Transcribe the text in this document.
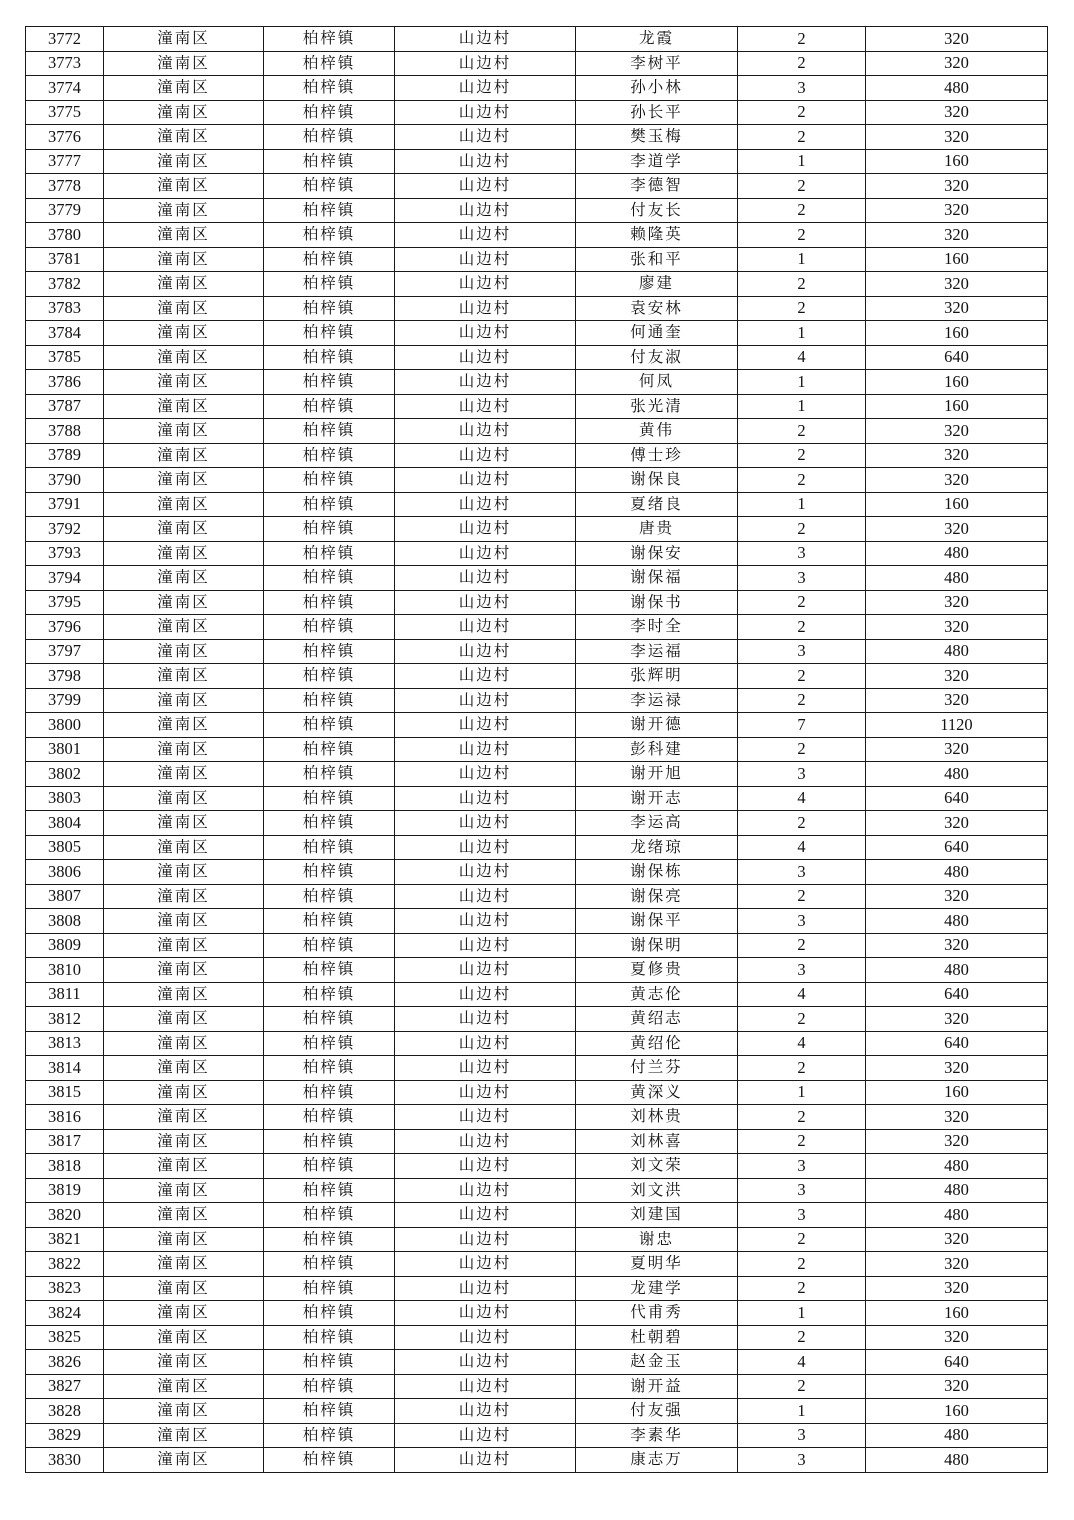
3772	潼南区	柏梓镇	山边村	龙霞	2	320
3773	潼南区	柏梓镇	山边村	李树平	2	320
3774	潼南区	柏梓镇	山边村	孙小林	3	480
3775	潼南区	柏梓镇	山边村	孙长平	2	320
3776	潼南区	柏梓镇	山边村	樊玉梅	2	320
3777	潼南区	柏梓镇	山边村	李道学	1	160
3778	潼南区	柏梓镇	山边村	李德智	2	320
3779	潼南区	柏梓镇	山边村	付友长	2	320
3780	潼南区	柏梓镇	山边村	赖隆英	2	320
3781	潼南区	柏梓镇	山边村	张和平	1	160
3782	潼南区	柏梓镇	山边村	廖建	2	320
3783	潼南区	柏梓镇	山边村	袁安林	2	320
3784	潼南区	柏梓镇	山边村	何通奎	1	160
3785	潼南区	柏梓镇	山边村	付友淑	4	640
3786	潼南区	柏梓镇	山边村	何凤	1	160
3787	潼南区	柏梓镇	山边村	张光清	1	160
3788	潼南区	柏梓镇	山边村	黄伟	2	320
3789	潼南区	柏梓镇	山边村	傅士珍	2	320
3790	潼南区	柏梓镇	山边村	谢保良	2	320
3791	潼南区	柏梓镇	山边村	夏绪良	1	160
3792	潼南区	柏梓镇	山边村	唐贵	2	320
3793	潼南区	柏梓镇	山边村	谢保安	3	480
3794	潼南区	柏梓镇	山边村	谢保福	3	480
3795	潼南区	柏梓镇	山边村	谢保书	2	320
3796	潼南区	柏梓镇	山边村	李时全	2	320
3797	潼南区	柏梓镇	山边村	李运福	3	480
3798	潼南区	柏梓镇	山边村	张辉明	2	320
3799	潼南区	柏梓镇	山边村	李运禄	2	320
3800	潼南区	柏梓镇	山边村	谢开德	7	1120
3801	潼南区	柏梓镇	山边村	彭科建	2	320
3802	潼南区	柏梓镇	山边村	谢开旭	3	480
3803	潼南区	柏梓镇	山边村	谢开志	4	640
3804	潼南区	柏梓镇	山边村	李运高	2	320
3805	潼南区	柏梓镇	山边村	龙绪琼	4	640
3806	潼南区	柏梓镇	山边村	谢保栋	3	480
3807	潼南区	柏梓镇	山边村	谢保亮	2	320
3808	潼南区	柏梓镇	山边村	谢保平	3	480
3809	潼南区	柏梓镇	山边村	谢保明	2	320
3810	潼南区	柏梓镇	山边村	夏修贵	3	480
3811	潼南区	柏梓镇	山边村	黄志伦	4	640
3812	潼南区	柏梓镇	山边村	黄绍志	2	320
3813	潼南区	柏梓镇	山边村	黄绍伦	4	640
3814	潼南区	柏梓镇	山边村	付兰芬	2	320
3815	潼南区	柏梓镇	山边村	黄深义	1	160
3816	潼南区	柏梓镇	山边村	刘林贵	2	320
3817	潼南区	柏梓镇	山边村	刘林喜	2	320
3818	潼南区	柏梓镇	山边村	刘文荣	3	480
3819	潼南区	柏梓镇	山边村	刘文洪	3	480
3820	潼南区	柏梓镇	山边村	刘建国	3	480
3821	潼南区	柏梓镇	山边村	谢忠	2	320
3822	潼南区	柏梓镇	山边村	夏明华	2	320
3823	潼南区	柏梓镇	山边村	龙建学	2	320
3824	潼南区	柏梓镇	山边村	代甫秀	1	160
3825	潼南区	柏梓镇	山边村	杜朝碧	2	320
3826	潼南区	柏梓镇	山边村	赵金玉	4	640
3827	潼南区	柏梓镇	山边村	谢开益	2	320
3828	潼南区	柏梓镇	山边村	付友强	1	160
3829	潼南区	柏梓镇	山边村	李素华	3	480
3830	潼南区	柏梓镇	山边村	康志万	3	480
